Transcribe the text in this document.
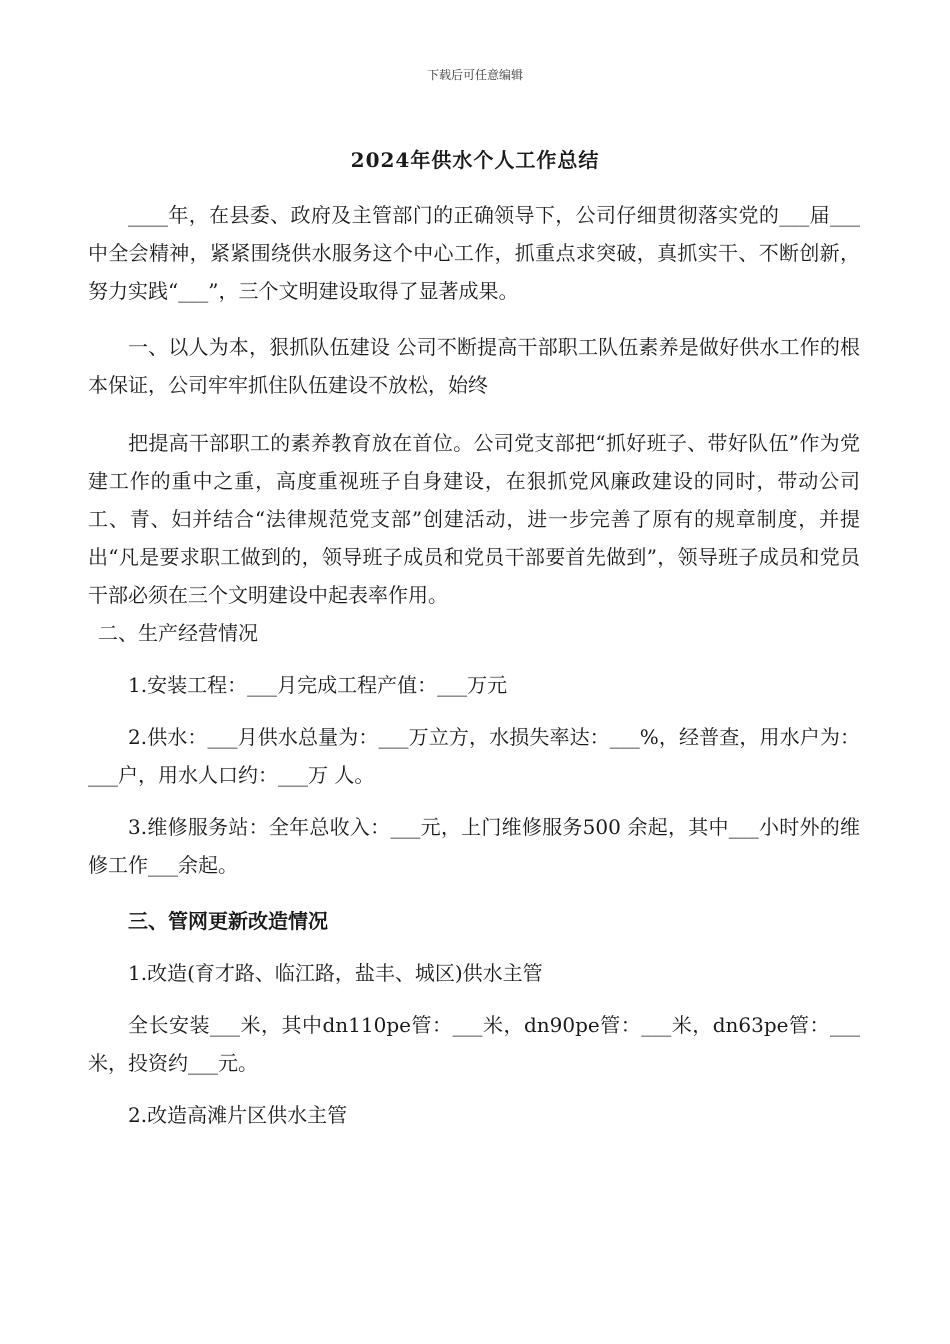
下载后可任意编辑
2024年供水个人工作总结

____年，在县委、政府及主管部门的正确领导下，公司仔细贯彻落实党的___届___中全会精神，紧紧围绕供水服务这个中心工作，抓重点求突破，真抓实干、不断创新，努力实践“___”，三个文明建设取得了显著成果。

一、以人为本，狠抓队伍建设 公司不断提高干部职工队伍素养是做好供水工作的根本保证，公司牢牢抓住队伍建设不放松，始终

把提高干部职工的素养教育放在首位。公司党支部把“抓好班子、带好队伍”作为党建工作的重中之重，高度重视班子自身建设，在狠抓党风廉政建设的同时，带动公司工、青、妇并结合“法律规范党支部”创建活动，进一步完善了原有的规章制度，并提出“凡是要求职工做到的，领导班子成员和党员干部要首先做到”，领导班子成员和党员干部必须在三个文明建设中起表率作用。

二、生产经营情况

1.安装工程：___月完成工程产值：___万元

2.供水：___月供水总量为：___万立方，水损失率达：___%，经普查，用水户为：___户，用水人口约：___万 人。

3.维修服务站：全年总收入：___元，上门维修服务500 余起，其中___小时外的维修工作___余起。

三、管网更新改造情况

1.改造(育才路、临江路，盐丰、城区)供水主管

全长安装___米，其中dn110pe管：___米，dn90pe管：___米，dn63pe管：___米，投资约___元。

2.改造高滩片区供水主管
